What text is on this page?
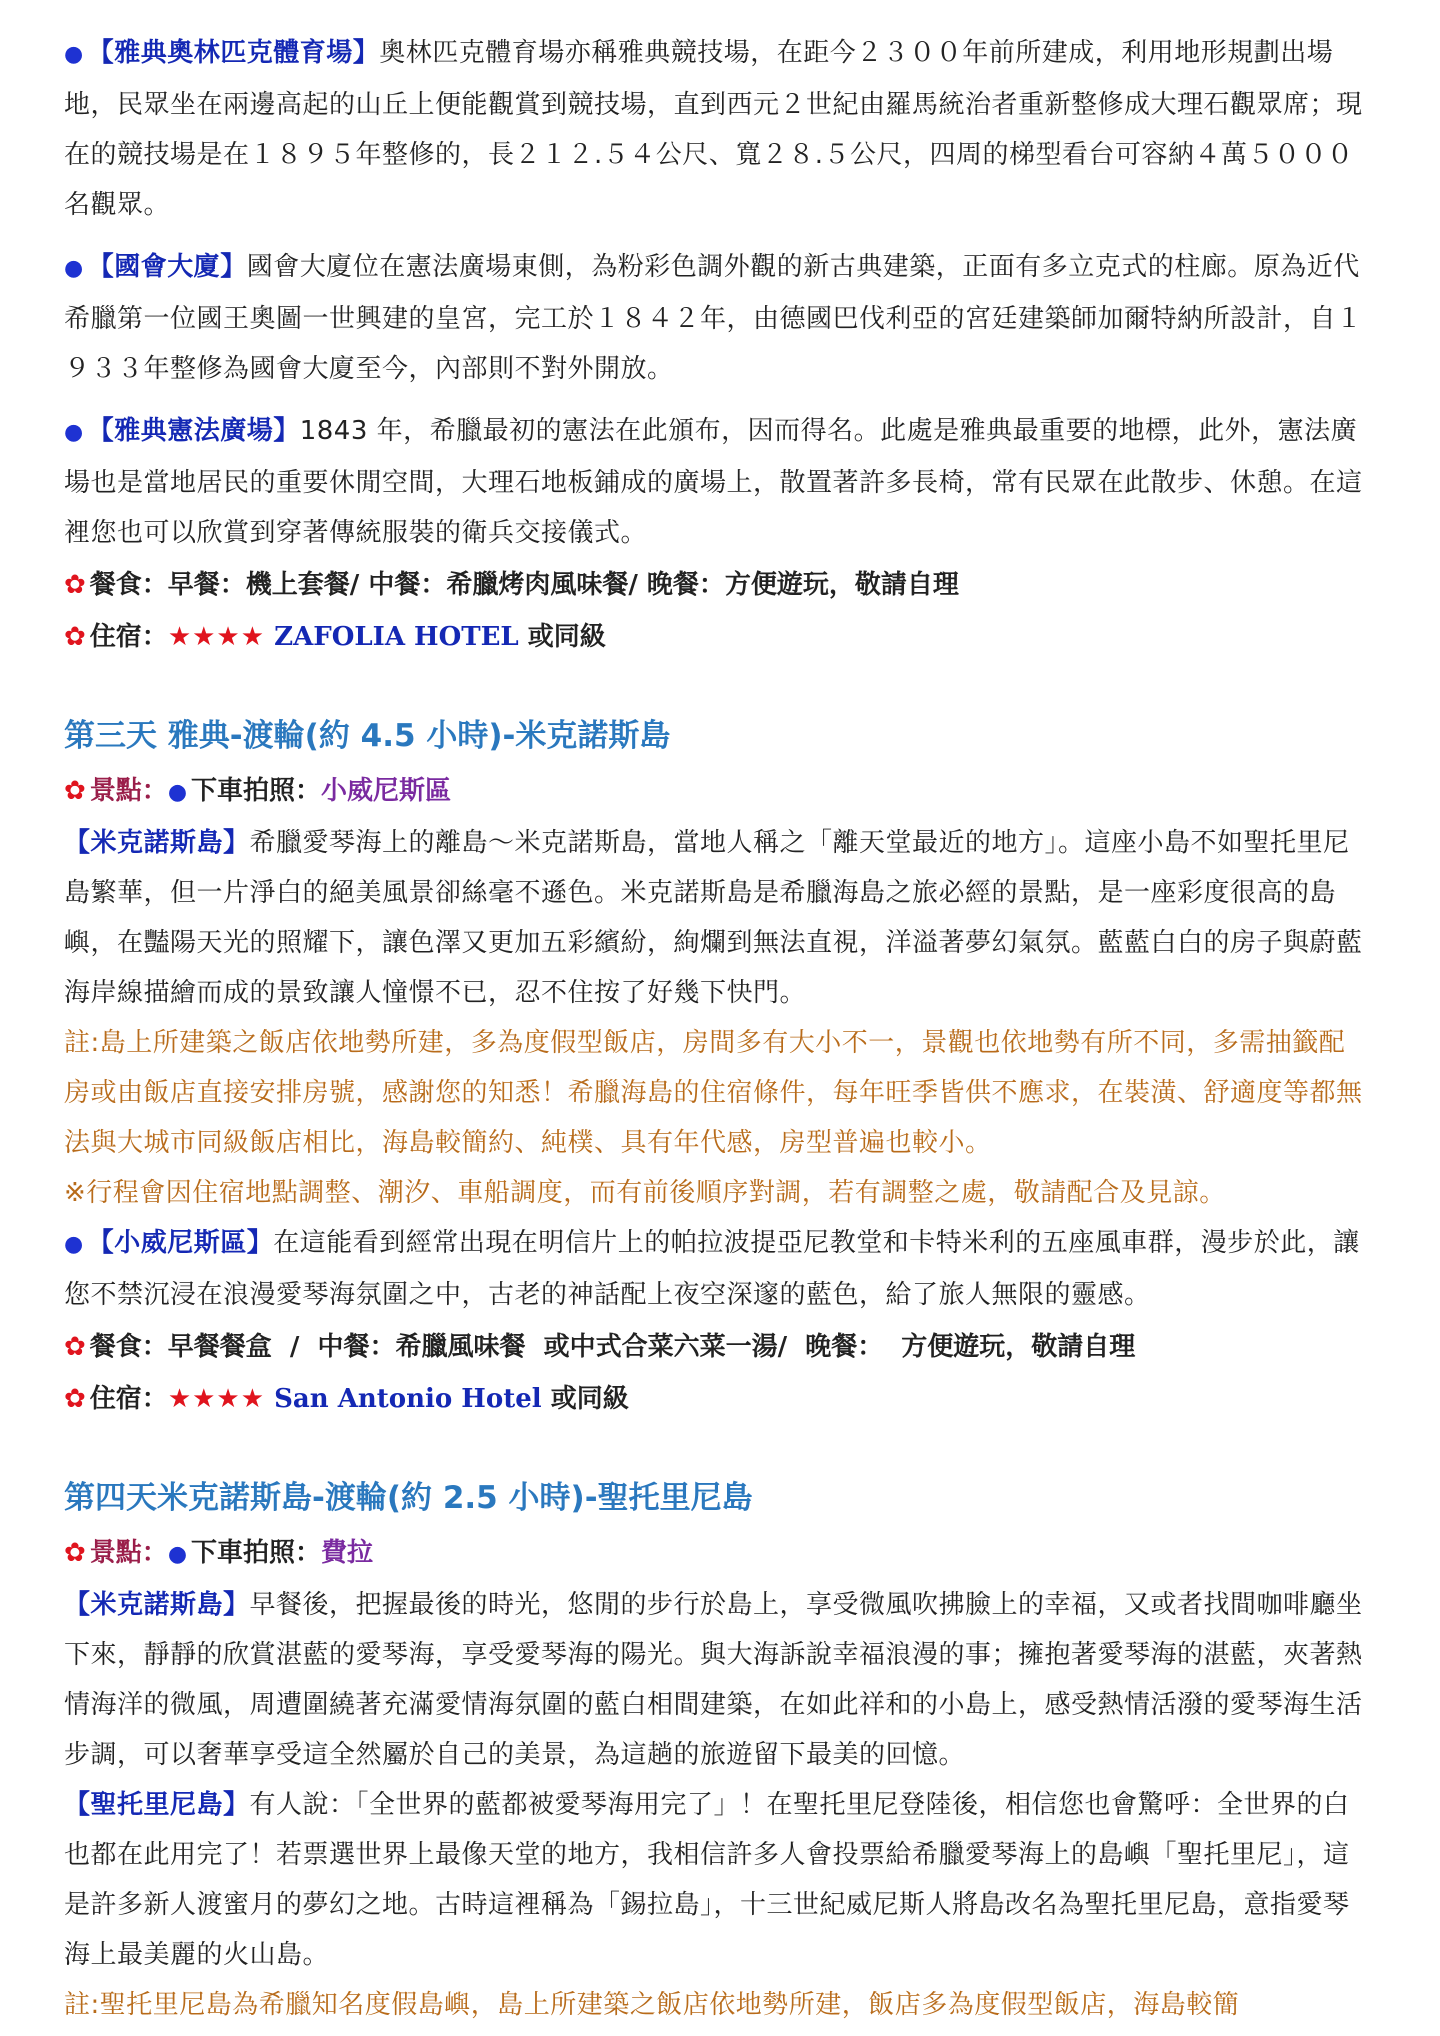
● 【雅典奧林匹克體育場】奧林匹克體育場亦稱雅典競技場，在距今２３００年前所建成，利用地形規劃出場地，民眾坐在兩邊高起的山丘上便能觀賞到競技場，直到西元２世紀由羅馬統治者重新整修成大理石觀眾席；現在的競技場是在１８９５年整修的，長２１２.５４公尺、寬２８.５公尺，四周的梯型看台可容納４萬５０００名觀眾。

● 【國會大廈】國會大廈位在憲法廣場東側，為粉彩色調外觀的新古典建築，正面有多立克式的柱廊。原為近代希臘第一位國王奧圖一世興建的皇宮，完工於１８４２年，由德國巴伐利亞的宮廷建築師加爾特納所設計，自１９３３年整修為國會大廈至今，內部則不對外開放。

● 【雅典憲法廣場】1843 年，希臘最初的憲法在此頒布，因而得名。此處是雅典最重要的地標，此外，憲法廣場也是當地居民的重要休閒空間，大理石地板鋪成的廣場上，散置著許多長椅，常有民眾在此散步、休憩。在這裡您也可以欣賞到穿著傳統服裝的衛兵交接儀式。

✿ 餐食：早餐：機上套餐/ 中餐：希臘烤肉風味餐/ 晚餐：方便遊玩，敬請自理

✿ 住宿：★★★★ ZAFOLIA HOTEL 或同級

第三天 雅典-渡輪(約 4.5 小時)-米克諾斯島

✿ 景點：● 下車拍照：小威尼斯區

【米克諾斯島】希臘愛琴海上的離島～米克諾斯島，當地人稱之「離天堂最近的地方」。這座小島不如聖托里尼島繁華，但一片淨白的絕美風景卻絲毫不遜色。米克諾斯島是希臘海島之旅必經的景點，是一座彩度很高的島嶼，在豔陽天光的照耀下，讓色澤又更加五彩繽紛，絢爛到無法直視，洋溢著夢幻氣氛。藍藍白白的房子與蔚藍海岸線描繪而成的景致讓人憧憬不已，忍不住按了好幾下快門。

註:島上所建築之飯店依地勢所建，多為度假型飯店，房間多有大小不一，景觀也依地勢有所不同，多需抽籤配房或由飯店直接安排房號，感謝您的知悉！希臘海島的住宿條件，每年旺季皆供不應求，在裝潢、舒適度等都無法與大城市同級飯店相比，海島較簡約、純樸、具有年代感，房型普遍也較小。

※行程會因住宿地點調整、潮汐、車船調度，而有前後順序對調，若有調整之處，敬請配合及見諒。

● 【小威尼斯區】在這能看到經常出現在明信片上的帕拉波提亞尼教堂和卡特米利的五座風車群，漫步於此，讓您不禁沉浸在浪漫愛琴海氛圍之中，古老的神話配上夜空深邃的藍色，給了旅人無限的靈感。

✿ 餐食：早餐餐盒  /  中餐：希臘風味餐  或中式合菜六菜一湯/  晚餐：  方便遊玩，敬請自理

✿ 住宿：★★★★ San Antonio Hotel 或同級

第四天米克諾斯島-渡輪(約 2.5 小時)-聖托里尼島

✿ 景點：● 下車拍照：費拉

【米克諾斯島】早餐後，把握最後的時光，悠閒的步行於島上，享受微風吹拂臉上的幸福，又或者找間咖啡廳坐下來，靜靜的欣賞湛藍的愛琴海，享受愛琴海的陽光。與大海訴說幸福浪漫的事；擁抱著愛琴海的湛藍，夾著熱情海洋的微風，周遭圍繞著充滿愛情海氛圍的藍白相間建築，在如此祥和的小島上，感受熱情活潑的愛琴海生活步調，可以奢華享受這全然屬於自己的美景，為這趟的旅遊留下最美的回憶。

【聖托里尼島】有人說：「全世界的藍都被愛琴海用完了」！在聖托里尼登陸後，相信您也會驚呼：全世界的白也都在此用完了！若票選世界上最像天堂的地方，我相信許多人會投票給希臘愛琴海上的島嶼「聖托里尼」，這是許多新人渡蜜月的夢幻之地。古時這裡稱為「錫拉島」，十三世紀威尼斯人將島改名為聖托里尼島，意指愛琴海上最美麗的火山島。

註:聖托里尼島為希臘知名度假島嶼，島上所建築之飯店依地勢所建，飯店多為度假型飯店，海島較簡
